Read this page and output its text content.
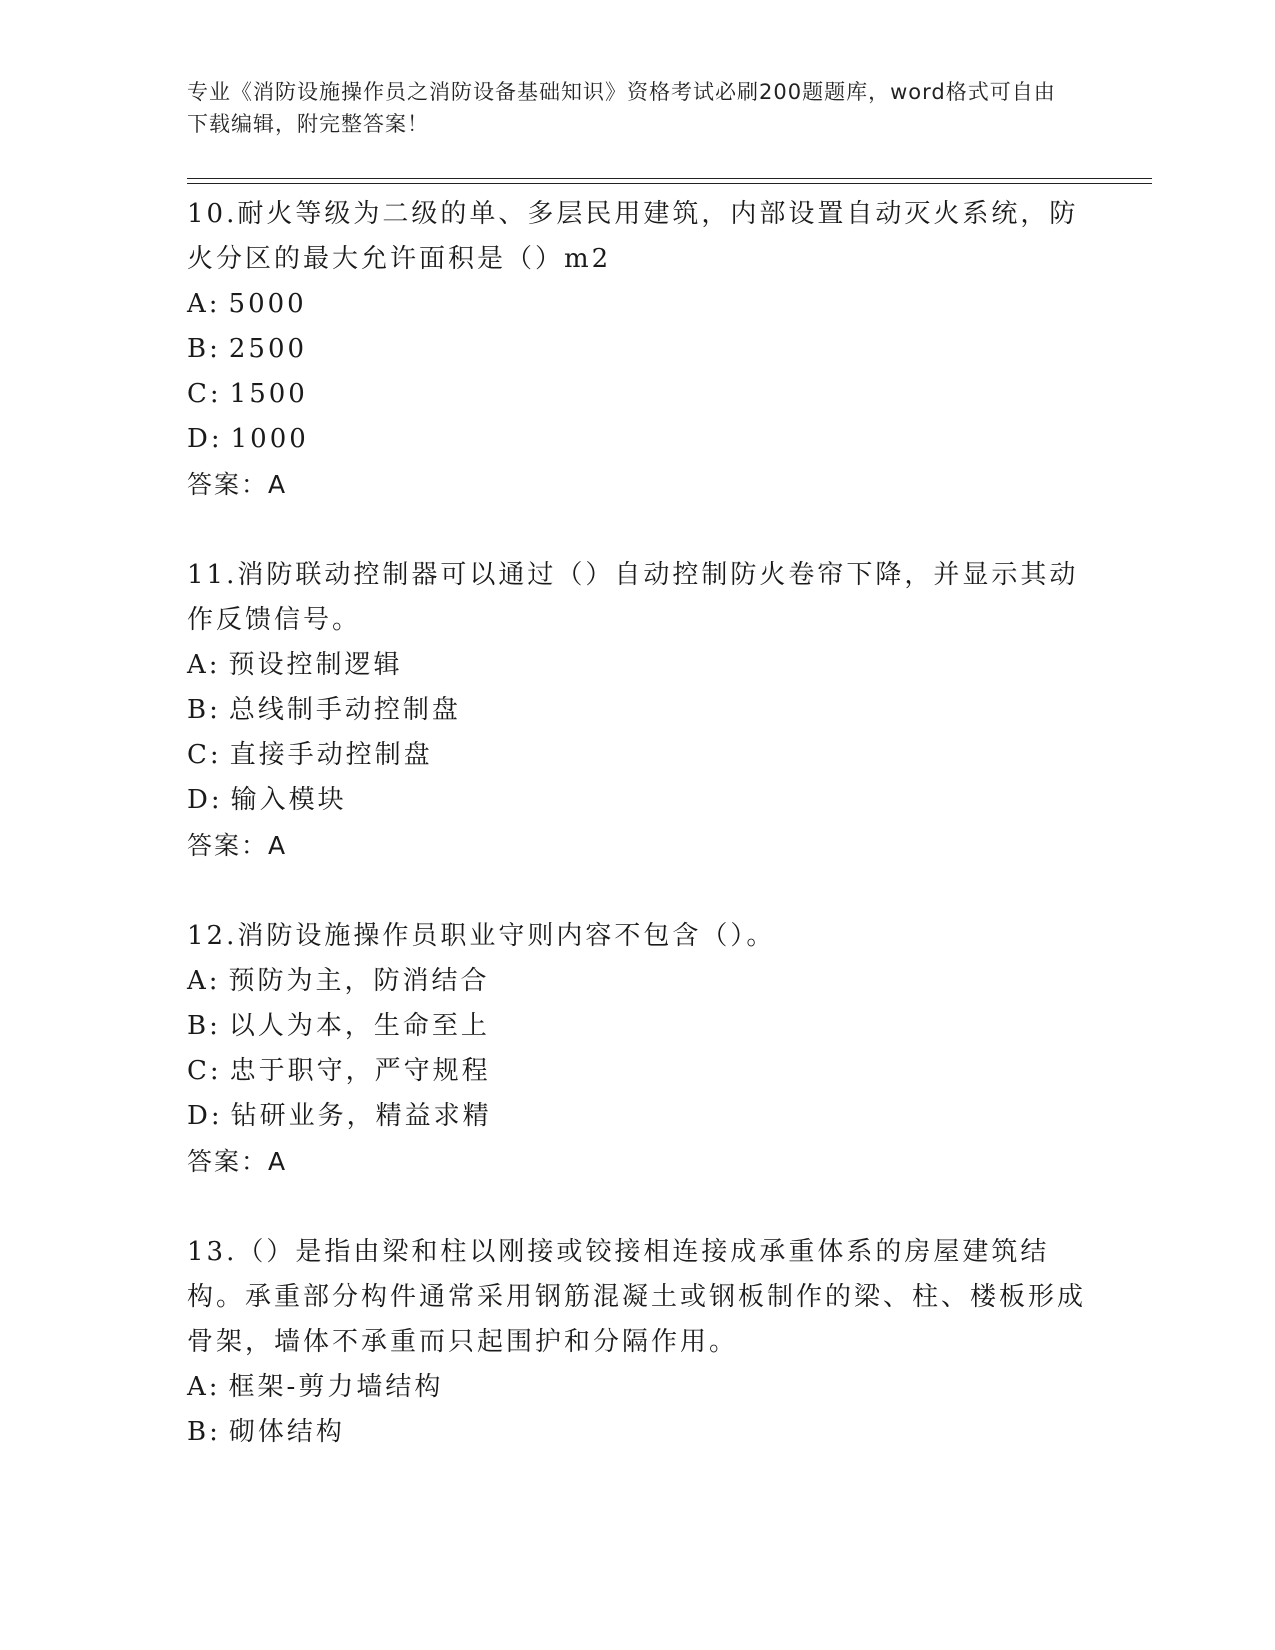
专业《消防设施操作员之消防设备基础知识》资格考试必刷200题题库，word格式可自由下载编辑，附完整答案！

10.耐火等级为二级的单、多层民用建筑，内部设置自动灭火系统，防火分区的最大允许面积是（）m2

A: 5000

B: 2500

C: 1500

D: 1000

答案：A

11.消防联动控制器可以通过（）自动控制防火卷帘下降，并显示其动作反馈信号。

A: 预设控制逻辑

B: 总线制手动控制盘

C: 直接手动控制盘

D: 输入模块

答案：A

12.消防设施操作员职业守则内容不包含（）。

A: 预防为主，防消结合

B: 以人为本，生命至上

C: 忠于职守，严守规程

D: 钻研业务，精益求精

答案：A

13.（）是指由梁和柱以刚接或铰接相连接成承重体系的房屋建筑结构。承重部分构件通常采用钢筋混凝土或钢板制作的梁、柱、楼板形成骨架，墙体不承重而只起围护和分隔作用。

A: 框架-剪力墙结构

B: 砌体结构
